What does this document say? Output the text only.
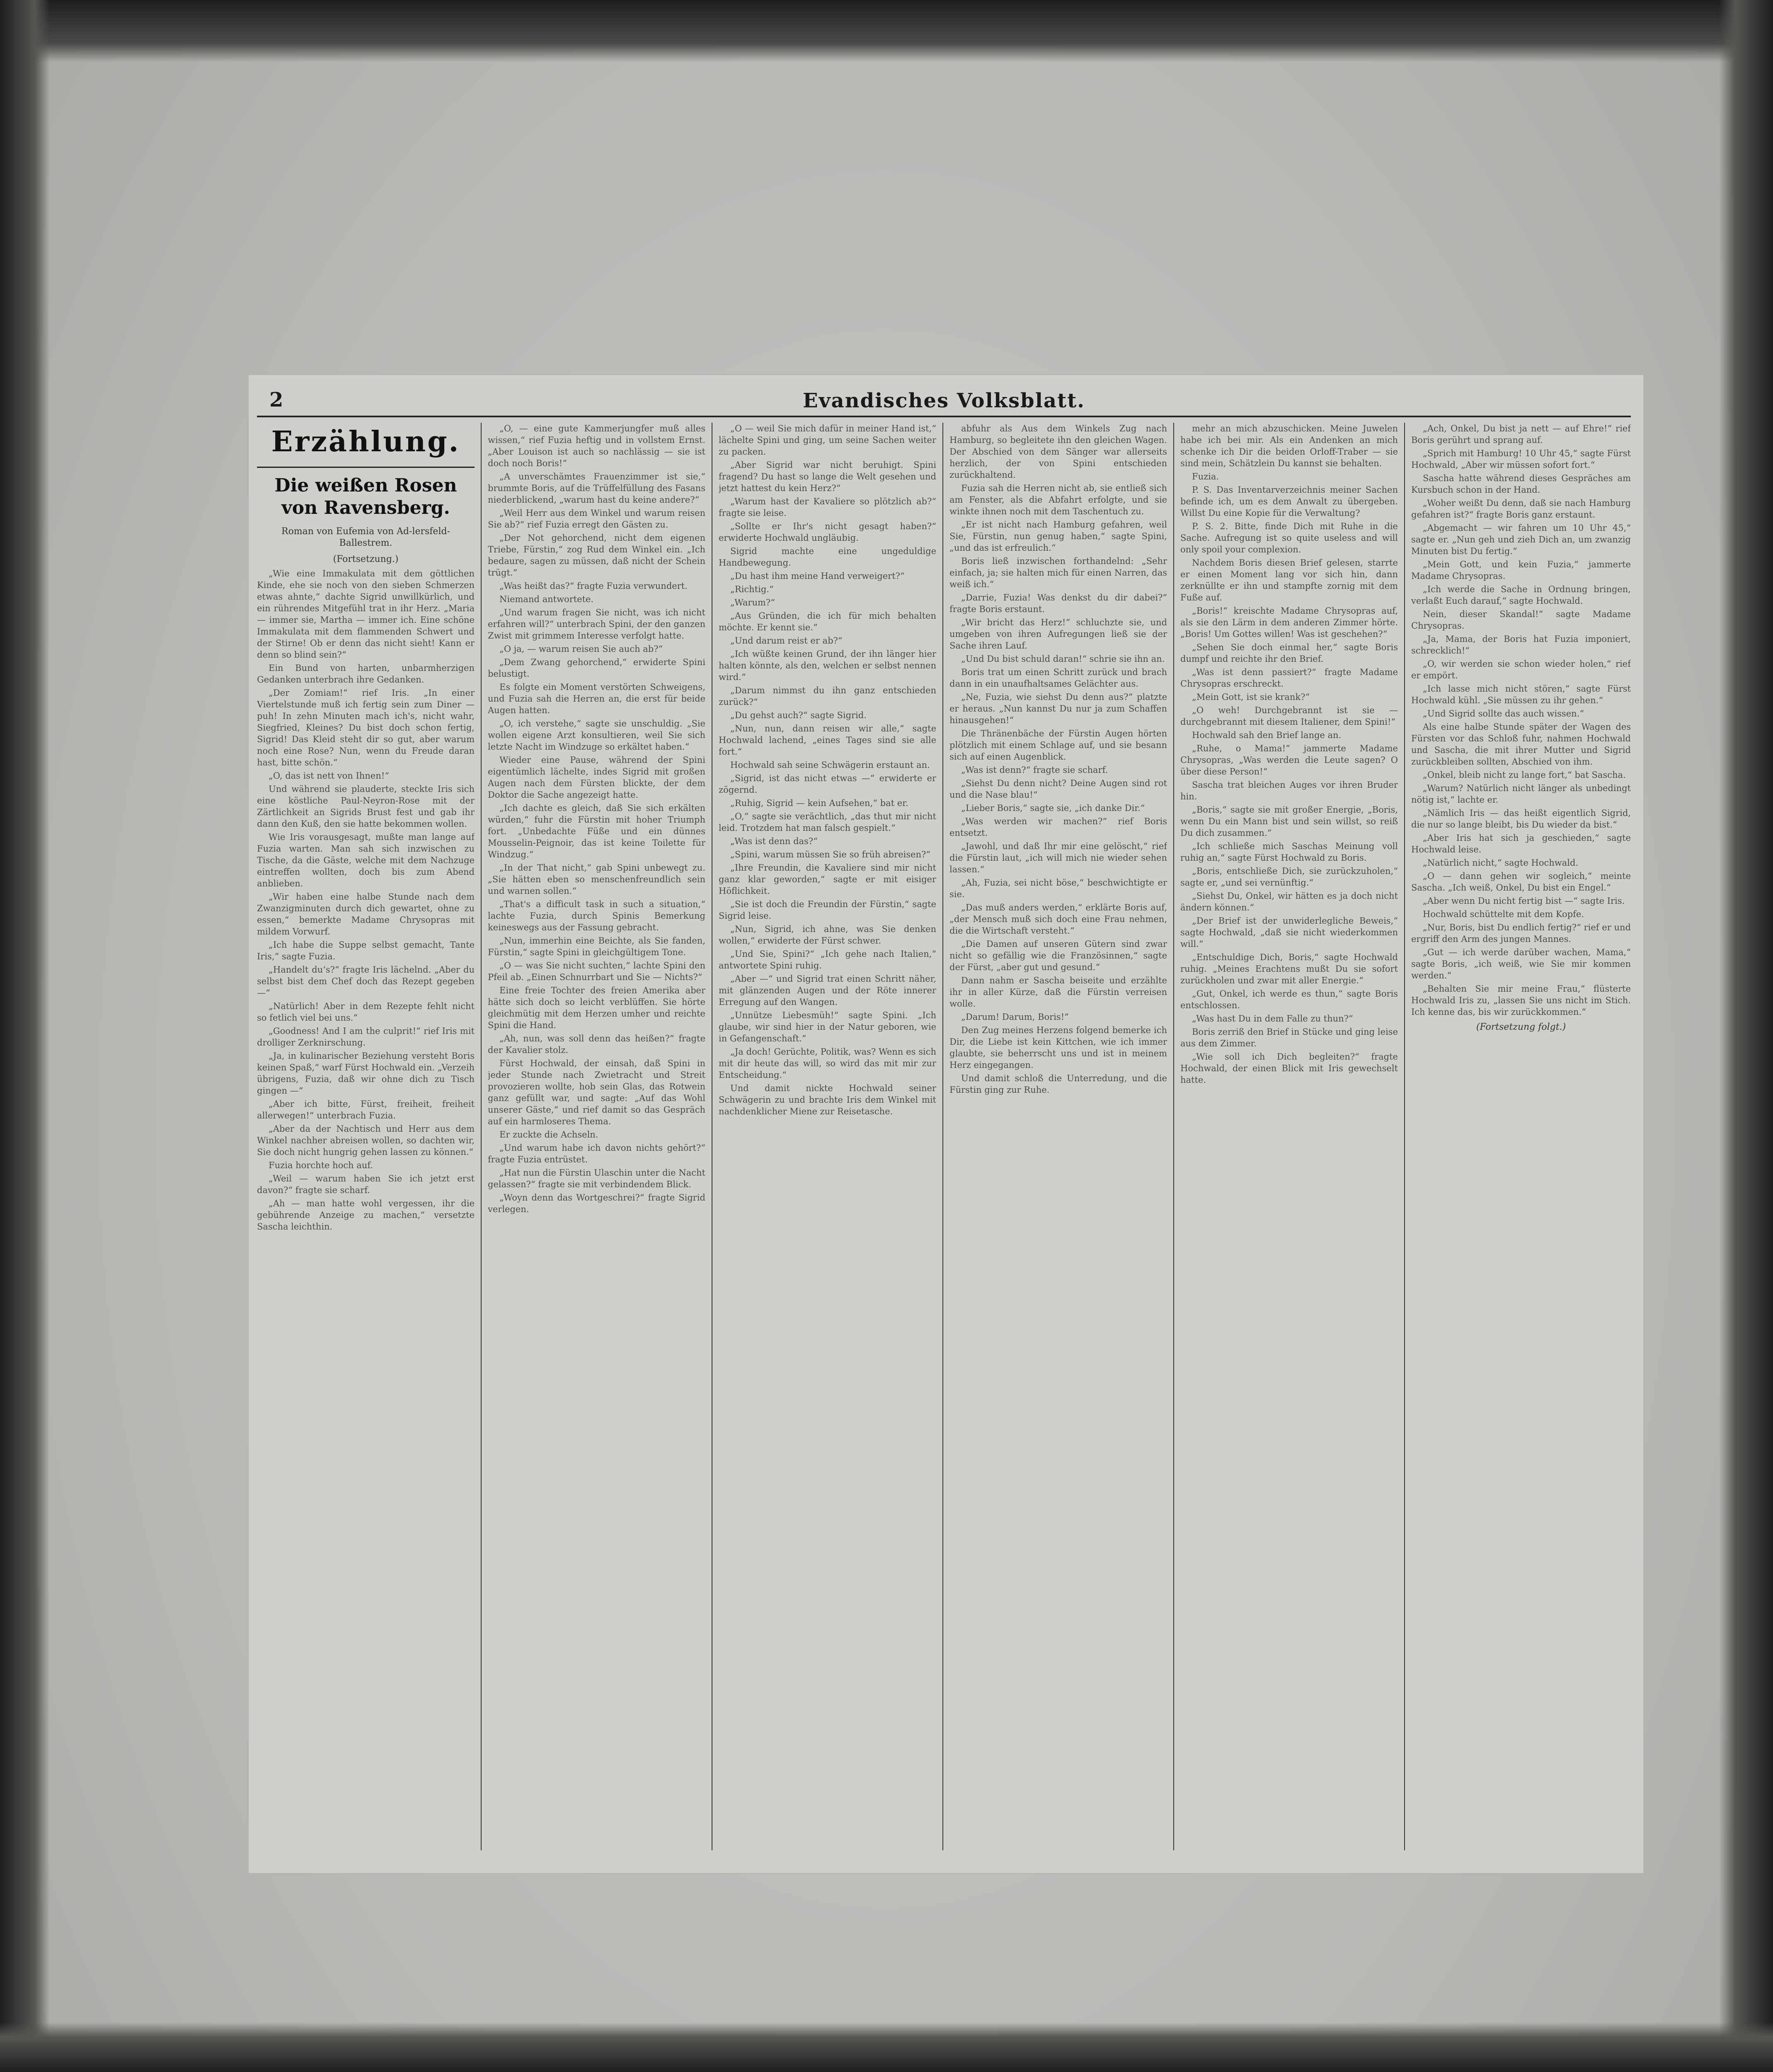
2	Evandisches Volksblatt.
Erzählung.
Die weißen Rosen von Ravensberg.
Roman von Eufemia von Ad-lersfeld-Ballestrem.
(Fortsetzung.)

„Wie eine Immakulata mit dem göttlichen Kinde, ehe sie noch von den sieben Schmerzen etwas ahnte,“ dachte Sigrid unwillkürlich, und ein rührendes Mitgefühl trat in ihr Herz. „Maria — immer sie, Martha — immer ich. Eine schöne Immakulata mit dem flammenden Schwert und der Stirne! Ob er denn das nicht sieht! Kann er denn so blind sein?“

Ein Bund von harten, unbarmherzigen Gedanken unterbrach ihre Gedanken.

„Der Zomiam!“ rief Iris. „In einer Viertelstunde muß ich fertig sein zum Diner — puh! In zehn Minuten mach ich's, nicht wahr, Siegfried, Kleines? Du bist doch schon fertig, Sigrid! Das Kleid steht dir so gut, aber warum noch eine Rose? Nun, wenn du Freude daran hast, bitte schön.“

„O, das ist nett von Ihnen!“

Und während sie plauderte, steckte Iris sich eine köstliche Paul-Neyron-Rose mit der Zärtlichkeit an Sigrids Brust fest und gab ihr dann den Kuß, den sie hatte bekommen wollen.

Wie Iris vorausgesagt, mußte man lange auf Fuzia warten. Man sah sich inzwischen zu Tische, da die Gäste, welche mit dem Nachzuge eintreffen wollten, doch bis zum Abend anblieben.

„Wir haben eine halbe Stunde nach dem Zwanzigminuten durch dich gewartet, ohne zu essen,“ bemerkte Madame Chrysopras mit mildem Vorwurf.

„Ich habe die Suppe selbst gemacht, Tante Iris,“ sagte Fuzia.

„Handelt du‘s?“ fragte Iris lächelnd. „Aber du selbst bist dem Chef doch das Rezept gegeben —“

„Natürlich! Aber in dem Rezepte fehlt nicht so fetlich viel bei uns.“

„Goodness! And I am the culprit!“ rief Iris mit drolliger Zerknirschung.

„Ja, in kulinarischer Beziehung versteht Boris keinen Spaß,“ warf Fürst Hochwald ein. „Verzeih übrigens, Fuzia, daß wir ohne dich zu Tisch gingen —“

„Aber ich bitte, Fürst, freiheit, freiheit allerwegen!“ unterbrach Fuzia.

„Aber da der Nachtisch und Herr aus dem Winkel nachher abreisen wollen, so dachten wir, Sie doch nicht hungrig gehen lassen zu können.“

Fuzia horchte hoch auf.

„Weil — warum haben Sie ich jetzt erst davon?“ fragte sie scharf.

„Ah — man hatte wohl vergessen, ihr die gebührende Anzeige zu machen,“ versetzte Sascha leichthin.

„O, — eine gute Kammerjungfer muß alles wissen,“ rief Fuzia heftig und in vollstem Ernst. „Aber Louison ist auch so nachlässig — sie ist doch noch Boris!“

„A unverschämtes Frauenzimmer ist sie,“ brummte Boris, auf die Trüffelfüllung des Fasans niederblickend, „warum hast du keine andere?“

„Weil Herr aus dem Winkel und warum reisen Sie ab?“ rief Fuzia erregt den Gästen zu.

„Der Not gehorchend, nicht dem eigenen Triebe, Fürstin,“ zog Rud dem Winkel ein. „Ich bedaure, sagen zu müssen, daß nicht der Schein trügt.“

„Was heißt das?“ fragte Fuzia verwundert.

Niemand antwortete.

„Und warum fragen Sie nicht, was ich nicht erfahren will?“ unterbrach Spini, der den ganzen Zwist mit grimmem Interesse verfolgt hatte.

„O ja, — warum reisen Sie auch ab?“

„Dem Zwang gehorchend,“ erwiderte Spini belustigt.

Es folgte ein Moment verstörten Schweigens, und Fuzia sah die Herren an, die erst für beide Augen hatten.

„O, ich verstehe,“ sagte sie unschuldig. „Sie wollen eigene Arzt konsultieren, weil Sie sich letzte Nacht im Windzuge so erkältet haben.“

Wieder eine Pause, während der Spini eigentümlich lächelte, indes Sigrid mit großen Augen nach dem Fürsten blickte, der dem Doktor die Sache angezeigt hatte.

„Ich dachte es gleich, daß Sie sich erkälten würden,“ fuhr die Fürstin mit hoher Triumph fort. „Unbedachte Füße und ein dünnes Mousselin-Peignoir, das ist keine Toilette für Windzug.“

„In der That nicht,“ gab Spini unbewegt zu. „Sie hätten eben so menschenfreundlich sein und warnen sollen.“

„That's a difficult task in such a situation,“ lachte Fuzia, durch Spinis Bemerkung keineswegs aus der Fassung gebracht.

„Nun, immerhin eine Beichte, als Sie fanden, Fürstin,“ sagte Spini in gleichgültigem Tone.

„O — was Sie nicht suchten,“ lachte Spini den Pfeil ab. „Einen Schnurrbart und Sie — Nichts?“

Eine freie Tochter des freien Amerika aber hätte sich doch so leicht verblüffen. Sie hörte gleichmütig mit dem Herzen umher und reichte Spini die Hand.

„Ah, nun, was soll denn das heißen?“ fragte der Kavalier stolz.

Fürst Hochwald, der einsah, daß Spini in jeder Stunde nach Zwietracht und Streit provozieren wollte, hob sein Glas, das Rotwein ganz gefüllt war, und sagte: „Auf das Wohl unserer Gäste,“ und rief damit so das Gespräch auf ein harmloseres Thema.

Er zuckte die Achseln.

„Und warum habe ich davon nichts gehört?“ fragte Fuzia entrüstet.

„Hat nun die Fürstin Ulaschin unter die Nacht gelassen?“ fragte sie mit verbindendem Blick.

„Woyn denn das Wortgeschrei?“ fragte Sigrid verlegen.

„O — weil Sie mich dafür in meiner Hand ist,“ lächelte Spini und ging, um seine Sachen weiter zu packen.

„Aber Sigrid war nicht beruhigt. Spini fragend? Du hast so lange die Welt gesehen und jetzt hattest du kein Herz?“

„Warum hast der Kavaliere so plötzlich ab?“ fragte sie leise.

„Sollte er Ihr's nicht gesagt haben?“ erwiderte Hochwald ungläubig.

Sigrid machte eine ungeduldige Handbewegung.

„Du hast ihm meine Hand verweigert?“

„Richtig.“

„Warum?“

„Aus Gründen, die ich für mich behalten möchte. Er kennt sie.“

„Und darum reist er ab?“

„Ich wüßte keinen Grund, der ihn länger hier halten könnte, als den, welchen er selbst nennen wird.“

„Darum nimmst du ihn ganz entschieden zurück?“

„Du gehst auch?“ sagte Sigrid.

„Nun, nun, dann reisen wir alle,“ sagte Hochwald lachend, „eines Tages sind sie alle fort.“

Hochwald sah seine Schwägerin erstaunt an.

„Sigrid, ist das nicht etwas —“ erwiderte er zögernd.

„Ruhig, Sigrid — kein Aufsehen,“ bat er.

„O,“ sagte sie verächtlich, „das thut mir nicht leid. Trotzdem hat man falsch gespielt.“

„Was ist denn das?“

„Spini, warum müssen Sie so früh abreisen?“

„Ihre Freundin, die Kavaliere sind mir nicht ganz klar geworden,“ sagte er mit eisiger Höflichkeit.

„Sie ist doch die Freundin der Fürstin,“ sagte Sigrid leise.

„Nun, Sigrid, ich ahne, was Sie denken wollen,“ erwiderte der Fürst schwer.

„Und Sie, Spini?“ „Ich gehe nach Italien,“ antwortete Spini ruhig.

„Aber —“ und Sigrid trat einen Schritt näher, mit glänzenden Augen und der Röte innerer Erregung auf den Wangen.

„Unnütze Liebesmüh!“ sagte Spini. „Ich glaube, wir sind hier in der Natur geboren, wie in Gefangenschaft.“

„Ja doch! Gerüchte, Politik, was? Wenn es sich mit dir heute das will, so wird das mit mir zur Entscheidung.“

Und damit nickte Hochwald seiner Schwägerin zu und brachte Iris dem Winkel mit nachdenklicher Miene zur Reisetasche.

abfuhr als Aus dem Winkels Zug nach Hamburg, so begleitete ihn den gleichen Wagen. Der Abschied von dem Sänger war allerseits herzlich, der von Spini entschieden zurückhaltend.

Fuzia sah die Herren nicht ab, sie entließ sich am Fenster, als die Abfahrt erfolgte, und sie winkte ihnen noch mit dem Taschentuch zu.

„Er ist nicht nach Hamburg gefahren, weil Sie, Fürstin, nun genug haben,“ sagte Spini, „und das ist erfreulich.“

Boris ließ inzwischen forthandelnd: „Sehr einfach, ja; sie halten mich für einen Narren, das weiß ich.“

„Darrie, Fuzia! Was denkst du dir dabei?“ fragte Boris erstaunt.

„Wir bricht das Herz!“ schluchzte sie, und umgeben von ihren Aufregungen ließ sie der Sache ihren Lauf.

„Und Du bist schuld daran!“ schrie sie ihn an.

Boris trat um einen Schritt zurück und brach dann in ein unaufhaltsames Gelächter aus.

„Ne, Fuzia, wie siehst Du denn aus?“ platzte er heraus. „Nun kannst Du nur ja zum Schaffen hinausgehen!“

Die Thränenbäche der Fürstin Augen hörten plötzlich mit einem Schlage auf, und sie besann sich auf einen Augenblick.

„Was ist denn?“ fragte sie scharf.

„Siehst Du denn nicht? Deine Augen sind rot und die Nase blau!“

„Lieber Boris,“ sagte sie, „ich danke Dir.“

„Was werden wir machen?“ rief Boris entsetzt.

„Jawohl, und daß Ihr mir eine gelöscht,“ rief die Fürstin laut, „ich will mich nie wieder sehen lassen.“

„Ah, Fuzia, sei nicht böse,“ beschwichtigte er sie.

„Das muß anders werden,“ erklärte Boris auf, „der Mensch muß sich doch eine Frau nehmen, die die Wirtschaft versteht.“

„Die Damen auf unseren Gütern sind zwar nicht so gefällig wie die Französinnen,“ sagte der Fürst, „aber gut und gesund.“

Dann nahm er Sascha beiseite und erzählte ihr in aller Kürze, daß die Fürstin verreisen wolle.

„Darum! Darum, Boris!“

Den Zug meines Herzens folgend bemerke ich Dir, die Liebe ist kein Kittchen, wie ich immer glaubte, sie beherrscht uns und ist in meinem Herz eingegangen.

Und damit schloß die Unterredung, und die Fürstin ging zur Ruhe.

mehr an mich abzuschicken. Meine Juwelen habe ich bei mir. Als ein Andenken an mich schenke ich Dir die beiden Orloff-Traber — sie sind mein, Schätzlein Du kannst sie behalten.

Fuzia.

P. S. Das Inventarverzeichnis meiner Sachen befinde ich, um es dem Anwalt zu übergeben. Willst Du eine Kopie für die Verwaltung?

P. S. 2. Bitte, finde Dich mit Ruhe in die Sache. Aufregung ist so quite useless and will only spoil your complexion.

Nachdem Boris diesen Brief gelesen, starrte er einen Moment lang vor sich hin, dann zerknüllte er ihn und stampfte zornig mit dem Fuße auf.

„Boris!“ kreischte Madame Chrysopras auf, als sie den Lärm in dem anderen Zimmer hörte. „Boris! Um Gottes willen! Was ist geschehen?“

„Sehen Sie doch einmal her,“ sagte Boris dumpf und reichte ihr den Brief.

„Was ist denn passiert?“ fragte Madame Chrysopras erschreckt.

„Mein Gott, ist sie krank?“

„O weh! Durchgebrannt ist sie — durchgebrannt mit diesem Italiener, dem Spini!“

Hochwald sah den Brief lange an.

„Ruhe, o Mama!“ jammerte Madame Chrysopras, „Was werden die Leute sagen? O über diese Person!“

Sascha trat bleichen Auges vor ihren Bruder hin.

„Boris,“ sagte sie mit großer Energie, „Boris, wenn Du ein Mann bist und sein willst, so reiß Du dich zusammen.“

„Ich schließe mich Saschas Meinung voll ruhig an,“ sagte Fürst Hochwald zu Boris.

„Boris, entschließe Dich, sie zurückzuholen,“ sagte er, „und sei vernünftig.“

„Siehst Du, Onkel, wir hätten es ja doch nicht ändern können.“

„Der Brief ist der unwiderlegliche Beweis,“ sagte Hochwald, „daß sie nicht wiederkommen will.“

„Entschuldige Dich, Boris,“ sagte Hochwald ruhig. „Meines Erachtens mußt Du sie sofort zurückholen und zwar mit aller Energie.“

„Gut, Onkel, ich werde es thun,“ sagte Boris entschlossen.

„Was hast Du in dem Falle zu thun?“

Boris zerriß den Brief in Stücke und ging leise aus dem Zimmer.

„Wie soll ich Dich begleiten?“ fragte Hochwald, der einen Blick mit Iris gewechselt hatte.

„Ach, Onkel, Du bist ja nett — auf Ehre!“ rief Boris gerührt und sprang auf.

„Sprich mit Hamburg! 10 Uhr 45,“ sagte Fürst Hochwald, „Aber wir müssen sofort fort.“

Sascha hatte während dieses Gespräches am Kursbuch schon in der Hand.

„Woher weißt Du denn, daß sie nach Hamburg gefahren ist?“ fragte Boris ganz erstaunt.

„Abgemacht — wir fahren um 10 Uhr 45,“ sagte er. „Nun geh und zieh Dich an, um zwanzig Minuten bist Du fertig.“

„Mein Gott, und kein Fuzia,“ jammerte Madame Chrysopras.

„Ich werde die Sache in Ordnung bringen, verlaßt Euch darauf,“ sagte Hochwald.

Nein, dieser Skandal!“ sagte Madame Chrysopras.

„Ja, Mama, der Boris hat Fuzia imponiert, schrecklich!“

„O, wir werden sie schon wieder holen,“ rief er empört.

„Ich lasse mich nicht stören,“ sagte Fürst Hochwald kühl. „Sie müssen zu ihr gehen.“

„Und Sigrid sollte das auch wissen.“

Als eine halbe Stunde später der Wagen des Fürsten vor das Schloß fuhr, nahmen Hochwald und Sascha, die mit ihrer Mutter und Sigrid zurückbleiben sollten, Abschied von ihm.

„Onkel, bleib nicht zu lange fort,“ bat Sascha.

„Warum? Natürlich nicht länger als unbedingt nötig ist,“ lachte er.

„Nämlich Iris — das heißt eigentlich Sigrid, die nur so lange bleibt, bis Du wieder da bist.“

„Aber Iris hat sich ja geschieden,“ sagte Hochwald leise.

„Natürlich nicht,“ sagte Hochwald.

„O — dann gehen wir sogleich,“ meinte Sascha. „Ich weiß, Onkel, Du bist ein Engel.“

„Aber wenn Du nicht fertig bist —“ sagte Iris.

Hochwald schüttelte mit dem Kopfe.

„Nur, Boris, bist Du endlich fertig?“ rief er und ergriff den Arm des jungen Mannes.

„Gut — ich werde darüber wachen, Mama,“ sagte Boris, „ich weiß, wie Sie mir kommen werden.“

„Behalten Sie mir meine Frau,“ flüsterte Hochwald Iris zu, „lassen Sie uns nicht im Stich. Ich kenne das, bis wir zurückkommen.“

(Fortsetzung folgt.)
